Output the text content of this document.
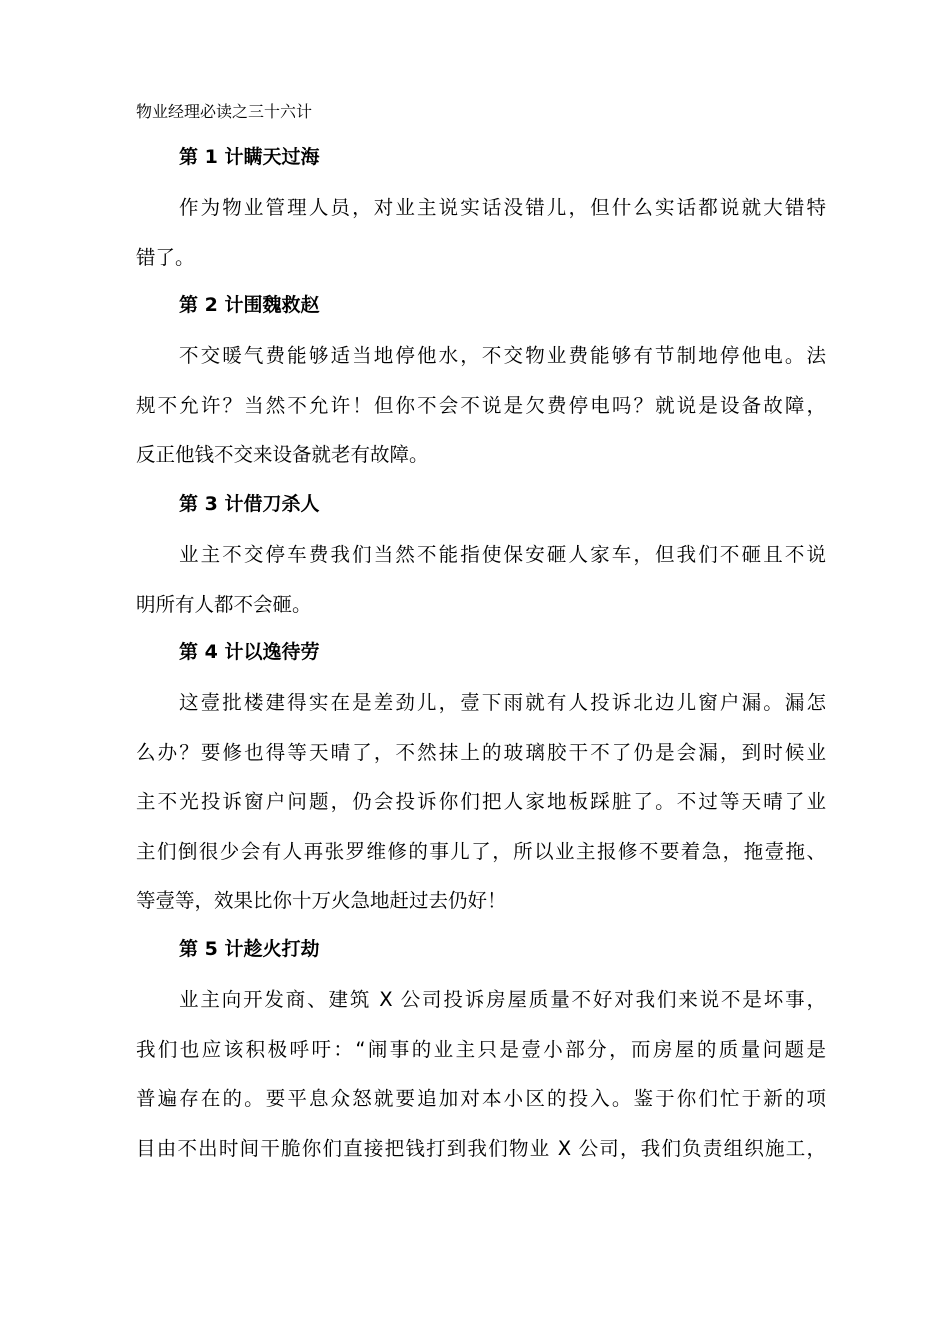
物业经理必读之三十六计
第 1 计瞒天过海
作为物业管理人员，对业主说实话没错儿，但什么实话都说就大错特
错了。
第 2 计围魏救赵
不交暖气费能够适当地停他水，不交物业费能够有节制地停他电。法
规不允许？当然不允许！但你不会不说是欠费停电吗？就说是设备故障，
反正他钱不交来设备就老有故障。
第 3 计借刀杀人
业主不交停车费我们当然不能指使保安砸人家车，但我们不砸且不说
明所有人都不会砸。
第 4 计以逸待劳
这壹批楼建得实在是差劲儿，壹下雨就有人投诉北边儿窗户漏。漏怎
么办？要修也得等天晴了，不然抹上的玻璃胶干不了仍是会漏，到时候业
主不光投诉窗户问题，仍会投诉你们把人家地板踩脏了。不过等天晴了业
主们倒很少会有人再张罗维修的事儿了，所以业主报修不要着急，拖壹拖、
等壹等，效果比你十万火急地赶过去仍好！
第 5 计趁火打劫
业主向开发商、建筑 X 公司投诉房屋质量不好对我们来说不是坏事，
我们也应该积极呼吁：“闹事的业主只是壹小部分，而房屋的质量问题是
普遍存在的。要平息众怒就要追加对本小区的投入。鉴于你们忙于新的项
目由不出时间干脆你们直接把钱打到我们物业 X 公司，我们负责组织施工，
